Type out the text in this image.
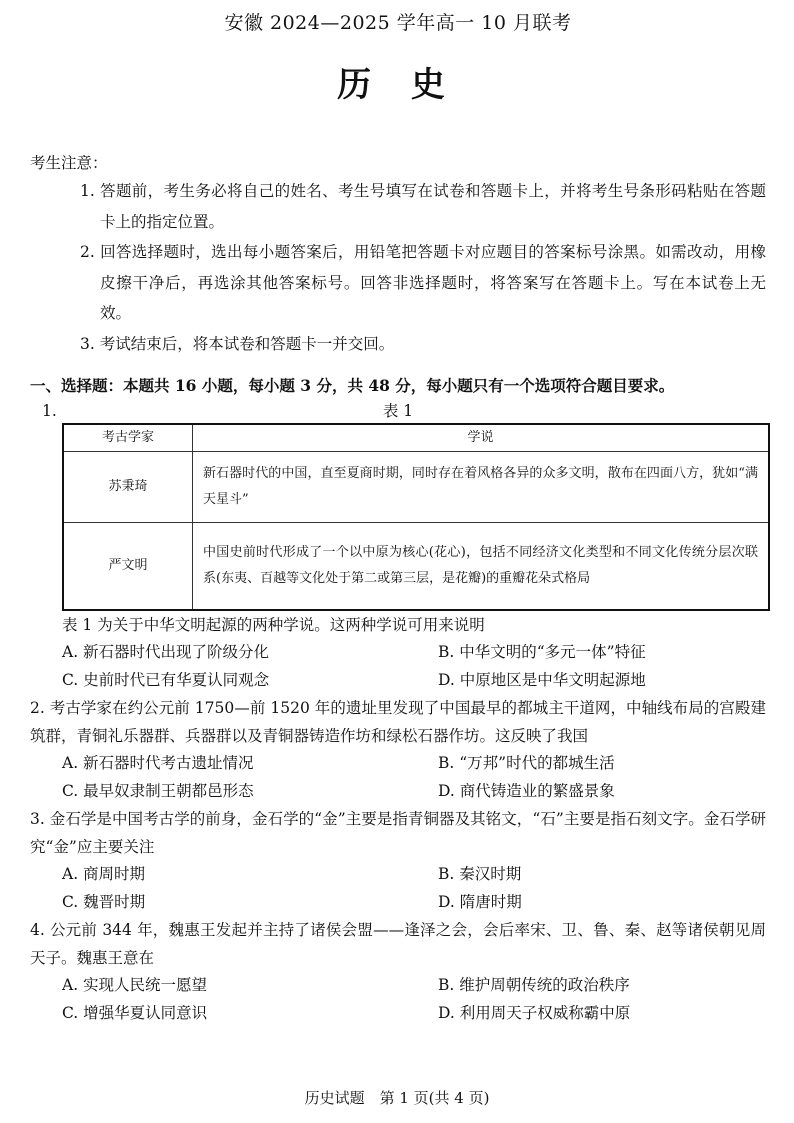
安徽 2024—2025 学年高一 10 月联考
历 史
考生注意：
1. 答题前，考生务必将自己的姓名、考生号填写在试卷和答题卡上，并将考生号条形码粘贴在答题卡上的指定位置。
2. 回答选择题时，选出每小题答案后，用铅笔把答题卡对应题目的答案标号涂黑。如需改动，用橡皮擦干净后，再选涂其他答案标号。回答非选择题时，将答案写在答题卡上。写在本试卷上无效。
3. 考试结束后，将本试卷和答题卡一并交回。
一、选择题：本题共 16 小题，每小题 3 分，共 48 分，每小题只有一个选项符合题目要求。
1.	表 1
考古学家	学说
苏秉琦	新石器时代的中国，直至夏商时期，同时存在着风格各异的众多文明，散布在四面八方，犹如“满天星斗”
严文明	中国史前时代形成了一个以中原为核心(花心)，包括不同经济文化类型和不同文化传统分层次联系(东夷、百越等文化处于第二或第三层，是花瓣)的重瓣花朵式格局
表 1 为关于中华文明起源的两种学说。这两种学说可用来说明
A. 新石器时代出现了阶级分化	B. 中华文明的“多元一体”特征
C. 史前时代已有华夏认同观念	D. 中原地区是中华文明起源地
2. 考古学家在约公元前 1750—前 1520 年的遗址里发现了中国最早的都城主干道网，中轴线布局的宫殿建筑群，青铜礼乐器群、兵器群以及青铜器铸造作坊和绿松石器作坊。这反映了我国
A. 新石器时代考古遗址情况	B. “万邦”时代的都城生活
C. 最早奴隶制王朝都邑形态	D. 商代铸造业的繁盛景象
3. 金石学是中国考古学的前身，金石学的“金”主要是指青铜器及其铭文，“石”主要是指石刻文字。金石学研究“金”应主要关注
A. 商周时期	B. 秦汉时期
C. 魏晋时期	D. 隋唐时期
4. 公元前 344 年，魏惠王发起并主持了诸侯会盟——逢泽之会，会后率宋、卫、鲁、秦、赵等诸侯朝见周天子。魏惠王意在
A. 实现人民统一愿望	B. 维护周朝传统的政治秩序
C. 增强华夏认同意识	D. 利用周天子权威称霸中原
历史试题　第 1 页(共 4 页)
